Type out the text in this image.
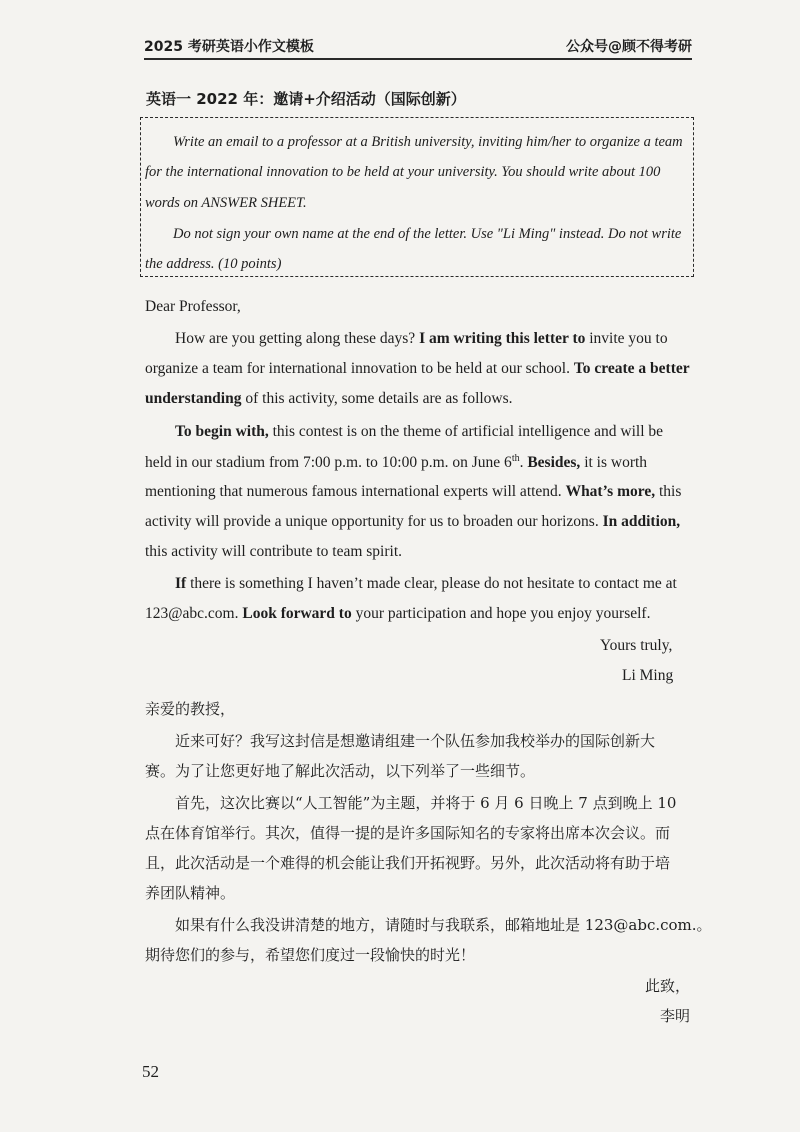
2025 考研英语小作文模板	公众号@顾不得考研
英语一 2022 年：邀请+介绍活动（国际创新）

Write an email to a professor at a British university, inviting him/her to organize a team

for the international innovation to be held at your university. You should write about 100

words on ANSWER SHEET.

Do not sign your own name at the end of the letter. Use "Li Ming" instead. Do not write

the address. (10 points)

Dear Professor,
How are you getting along these days? I am writing this letter to invite you to
organize a team for international innovation to be held at our school. To create a better
understanding of this activity, some details are as follows.
To begin with, this contest is on the theme of artificial intelligence and will be
held in our stadium from 7:00 p.m. to 10:00 p.m. on June 6th. Besides, it is worth
mentioning that numerous famous international experts will attend. What’s more, this
activity will provide a unique opportunity for us to broaden our horizons. In addition,
this activity will contribute to team spirit.
If there is something I haven’t made clear, please do not hesitate to contact me at
123@abc.com. Look forward to your participation and hope you enjoy yourself.
Yours truly,
Li Ming
亲爱的教授，
近来可好？我写这封信是想邀请组建一个队伍参加我校举办的国际创新大
赛。为了让您更好地了解此次活动，以下列举了一些细节。
首先，这次比赛以“人工智能”为主题，并将于 6 月 6 日晚上 7 点到晚上 10
点在体育馆举行。其次，值得一提的是许多国际知名的专家将出席本次会议。而
且，此次活动是一个难得的机会能让我们开拓视野。另外，此次活动将有助于培
养团队精神。
如果有什么我没讲清楚的地方，请随时与我联系，邮箱地址是 123@abc.com.。
期待您们的参与，希望您们度过一段愉快的时光！
此致，
李明
52
